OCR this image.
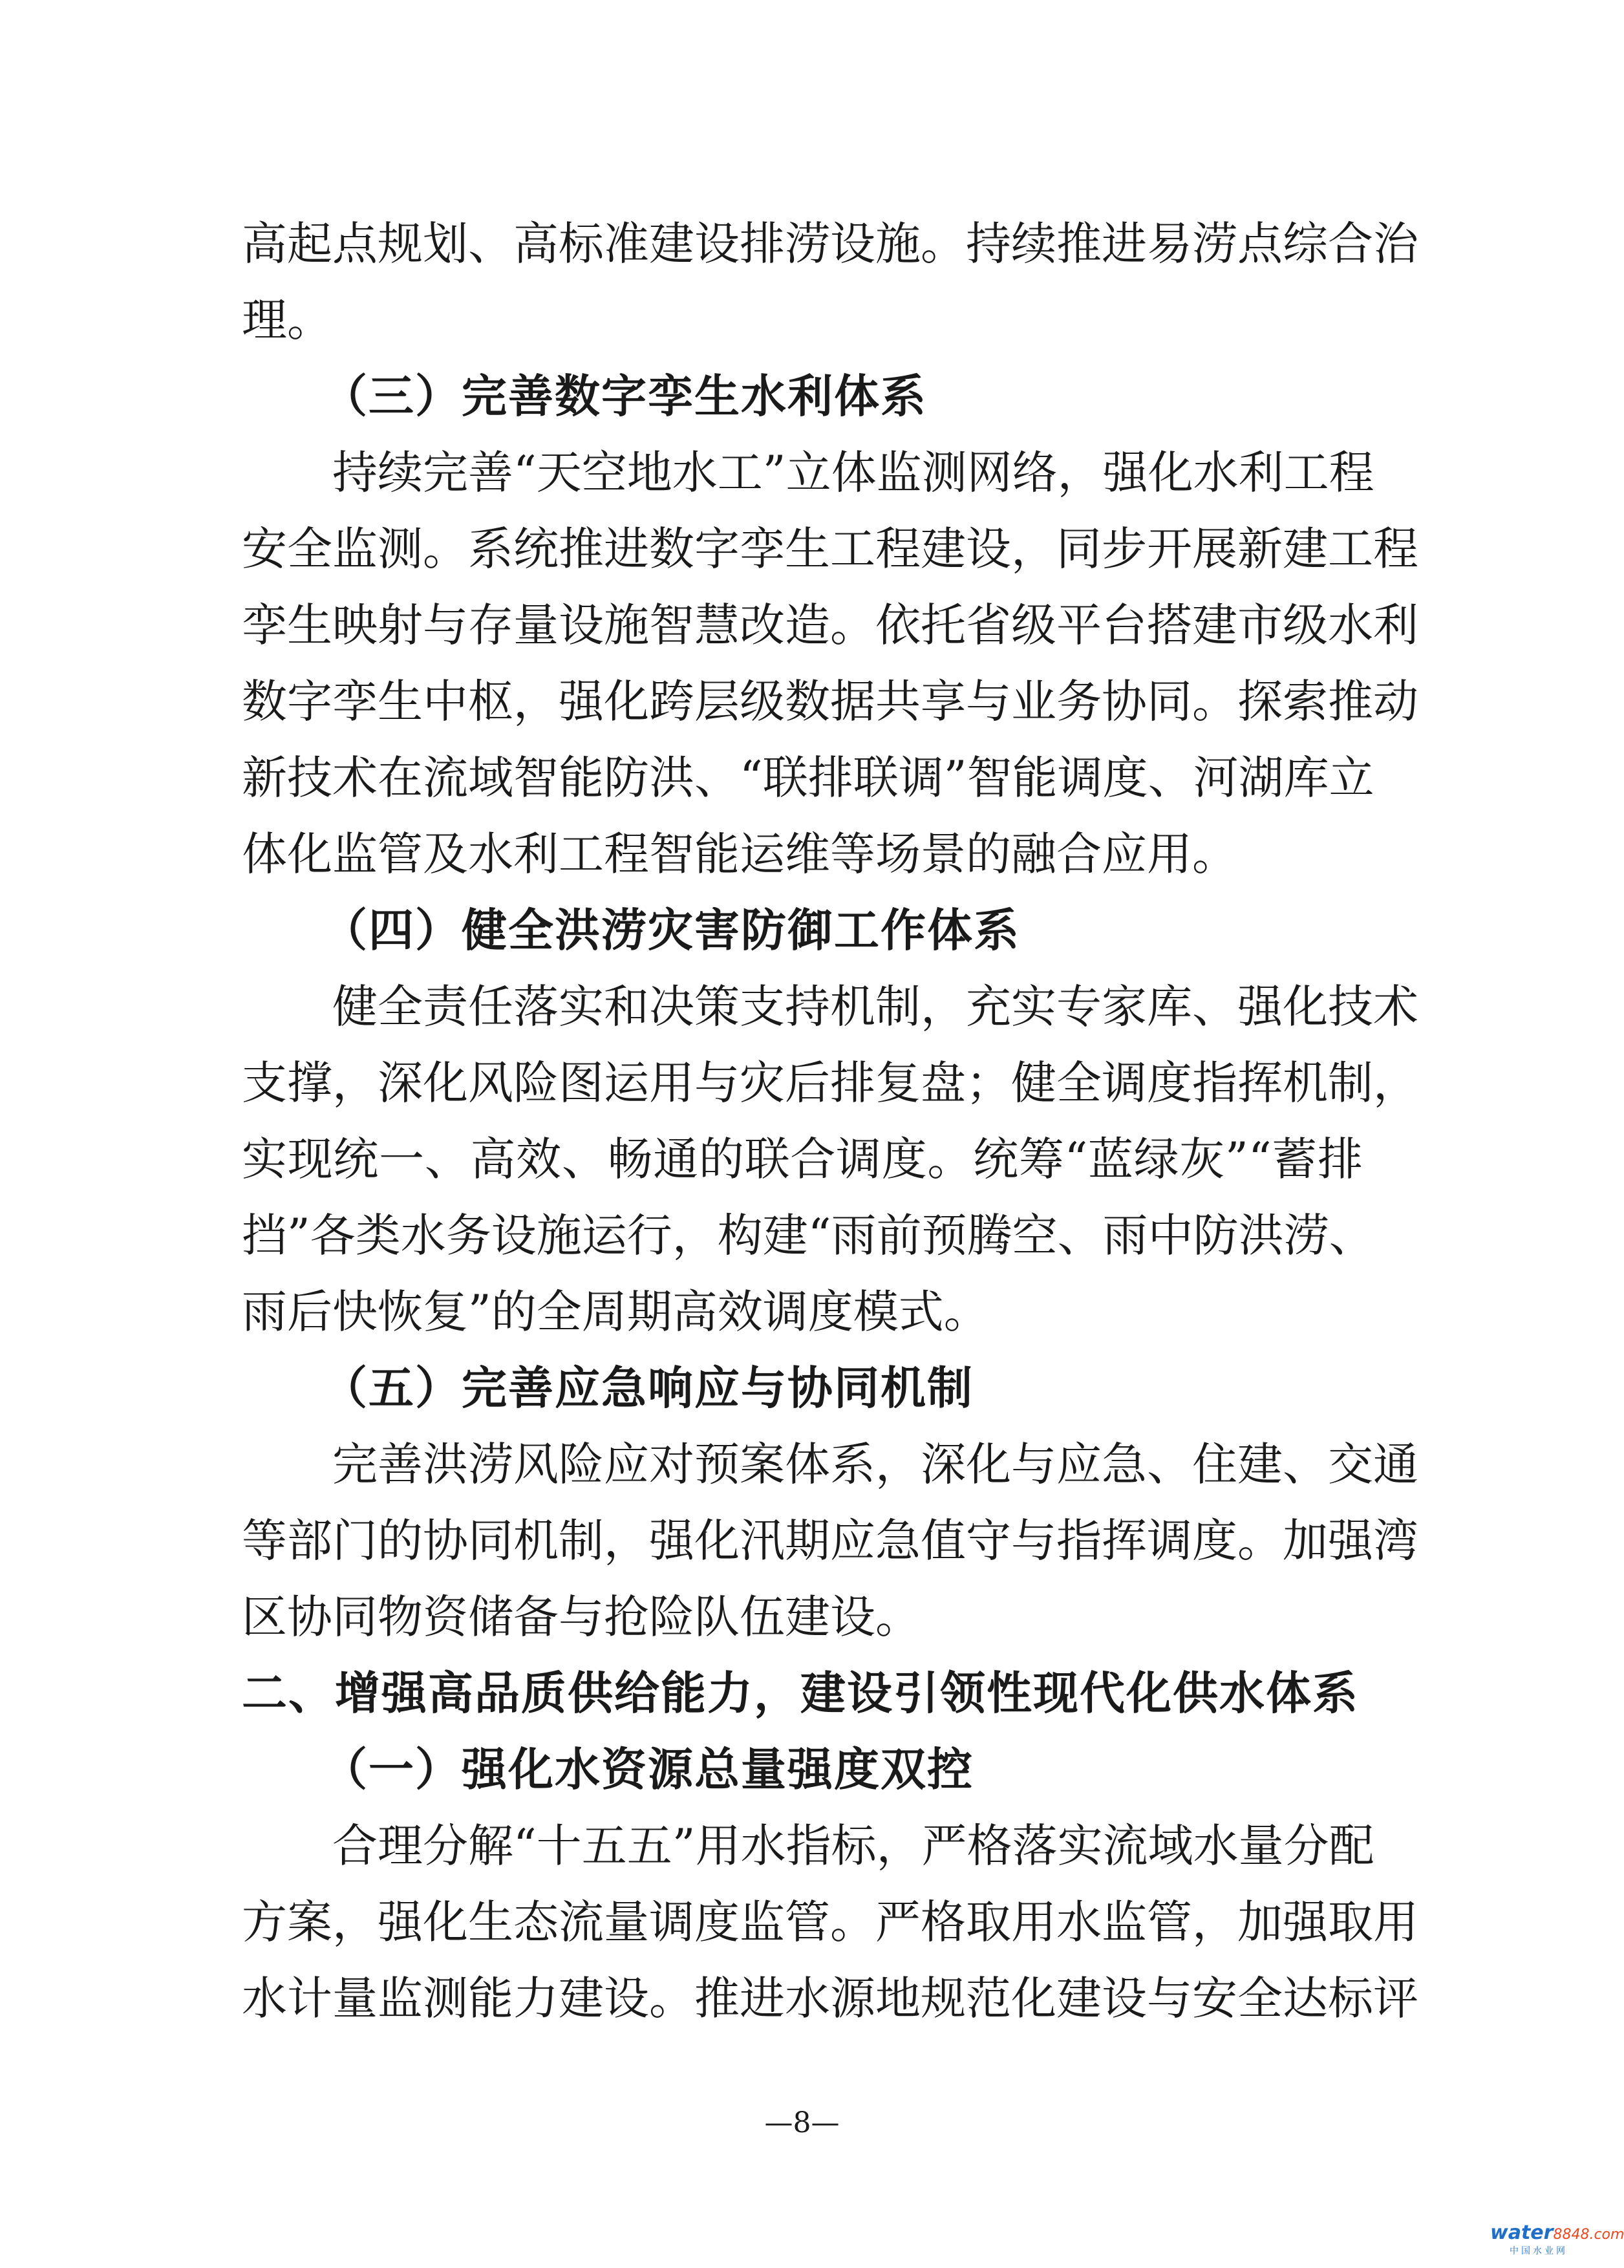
高起点规划、高标准建设排涝设施。持续推进易涝点综合治
理。
（三）完善数字孪生水利体系
持续完善“天空地水工”立体监测网络，强化水利工程
安全监测。系统推进数字孪生工程建设，同步开展新建工程
孪生映射与存量设施智慧改造。依托省级平台搭建市级水利
数字孪生中枢，强化跨层级数据共享与业务协同。探索推动
新技术在流域智能防洪、“联排联调”智能调度、河湖库立
体化监管及水利工程智能运维等场景的融合应用。
（四）健全洪涝灾害防御工作体系
健全责任落实和决策支持机制，充实专家库、强化技术
支撑，深化风险图运用与灾后排复盘；健全调度指挥机制，
实现统一、高效、畅通的联合调度。统筹“蓝绿灰”“蓄排
挡”各类水务设施运行，构建“雨前预腾空、雨中防洪涝、
雨后快恢复”的全周期高效调度模式。
（五）完善应急响应与协同机制
完善洪涝风险应对预案体系，深化与应急、住建、交通
等部门的协同机制，强化汛期应急值守与指挥调度。加强湾
区协同物资储备与抢险队伍建设。
二、增强高品质供给能力，建设引领性现代化供水体系
（一）强化水资源总量强度双控
合理分解“十五五”用水指标，严格落实流域水量分配
方案，强化生态流量调度监管。严格取用水监管，加强取用
水计量监测能力建设。推进水源地规范化建设与安全达标评
—8—
water8848.com
中国水业网
